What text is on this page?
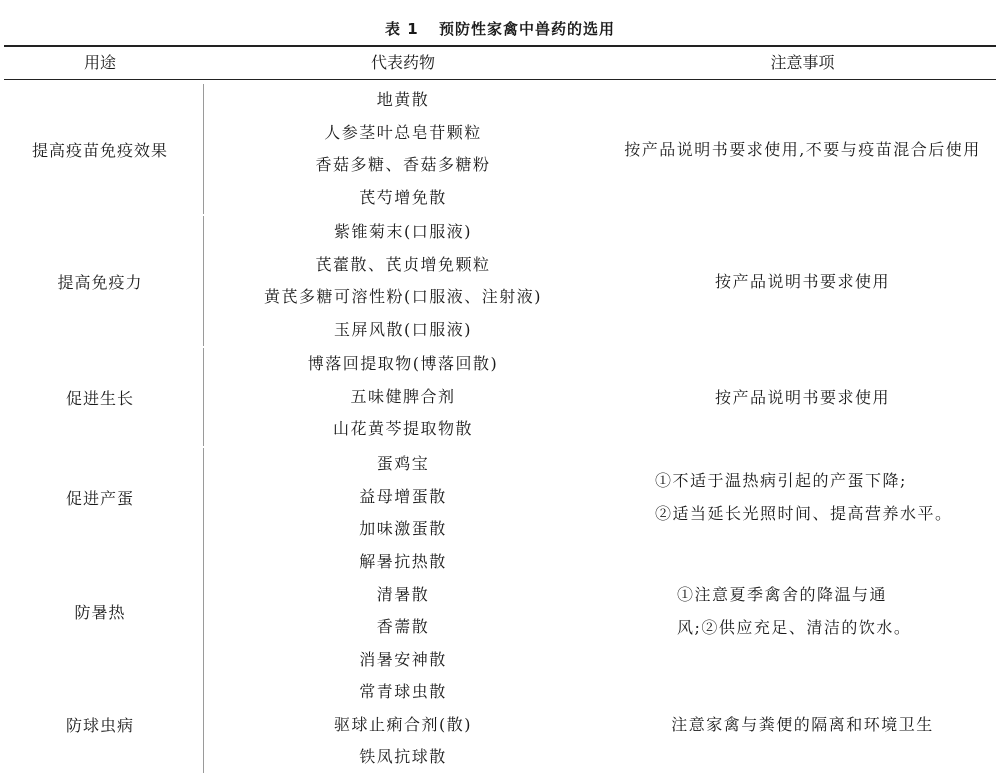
表 1 预防性家禽中兽药的选用
用途	代表药物	注意事项
提高疫苗免疫效果
地黄散
人参茎叶总皂苷颗粒
香菇多糖、香菇多糖粉
芪芍增免散
按产品说明书要求使用,不要与疫苗混合后使用
提高免疫力
紫锥菊末(口服液)
芪藿散、芪贞增免颗粒
黄芪多糖可溶性粉(口服液、注射液)
玉屏风散(口服液)
按产品说明书要求使用
促进生长
博落回提取物(博落回散)
五味健脾合剂
山花黄芩提取物散
按产品说明书要求使用
促进产蛋
蛋鸡宝
益母增蛋散
加味激蛋散
①不适于温热病引起的产蛋下降;
②适当延长光照时间、提高营养水平。
防暑热
解暑抗热散
清暑散
香薷散
消暑安神散
①注意夏季禽舍的降温与通
风;②供应充足、清洁的饮水。
防球虫病
常青球虫散
驱球止痢合剂(散)
铁凤抗球散
注意家禽与粪便的隔离和环境卫生
